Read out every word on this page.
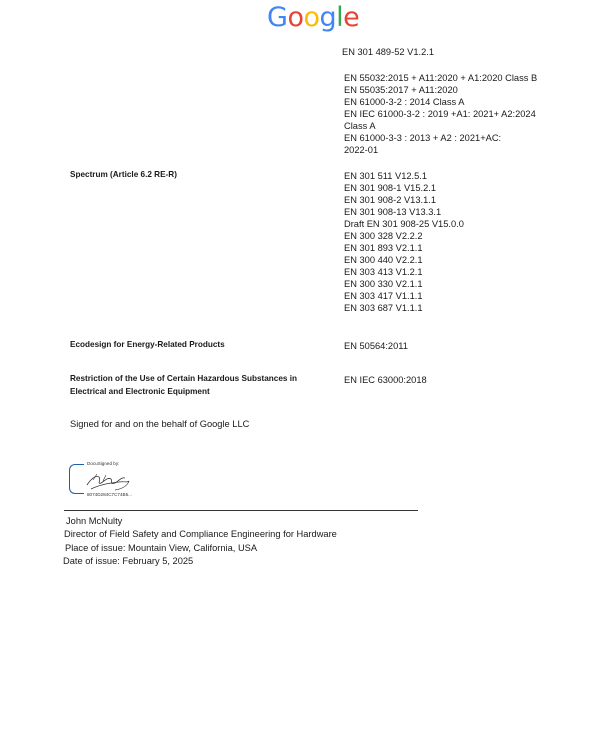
Google
EN 301 489-52 V1.2.1
EN 55032:2015 + A11:2020 + A1:2020 Class B
EN 55035:2017 + A11:2020
EN 61000-3-2 : 2014 Class A
EN IEC 61000-3-2 : 2019 +A1: 2021+ A2:2024
Class A
EN 61000-3-3 : 2013 + A2 : 2021+AC:
2022-01
Spectrum (Article 6.2 RE-R)	EN 301 511 V12.5.1
EN 301 908-1 V15.2.1
EN 301 908-2 V13.1.1
EN 301 908-13 V13.3.1
Draft EN 301 908-25 V15.0.0
EN 300 328 V2.2.2
EN 301 893 V2.1.1
EN 300 440 V2.2.1
EN 303 413 V1.2.1
EN 300 330 V2.1.1
EN 303 417 V1.1.1
EN 303 687 V1.1.1
Ecodesign for Energy-Related Products	EN 50564:2011
Restriction of the Use of Certain Hazardous Substances in
Electrical and Electronic Equipment
EN IEC 63000:2018
Signed for and on the behalf of Google LLC
DocuSigned by:
8074D284C7C74B5...
John McNulty
Director of Field Safety and Compliance Engineering for Hardware
Place of issue: Mountain View, California, USA
Date of issue: February 5, 2025
